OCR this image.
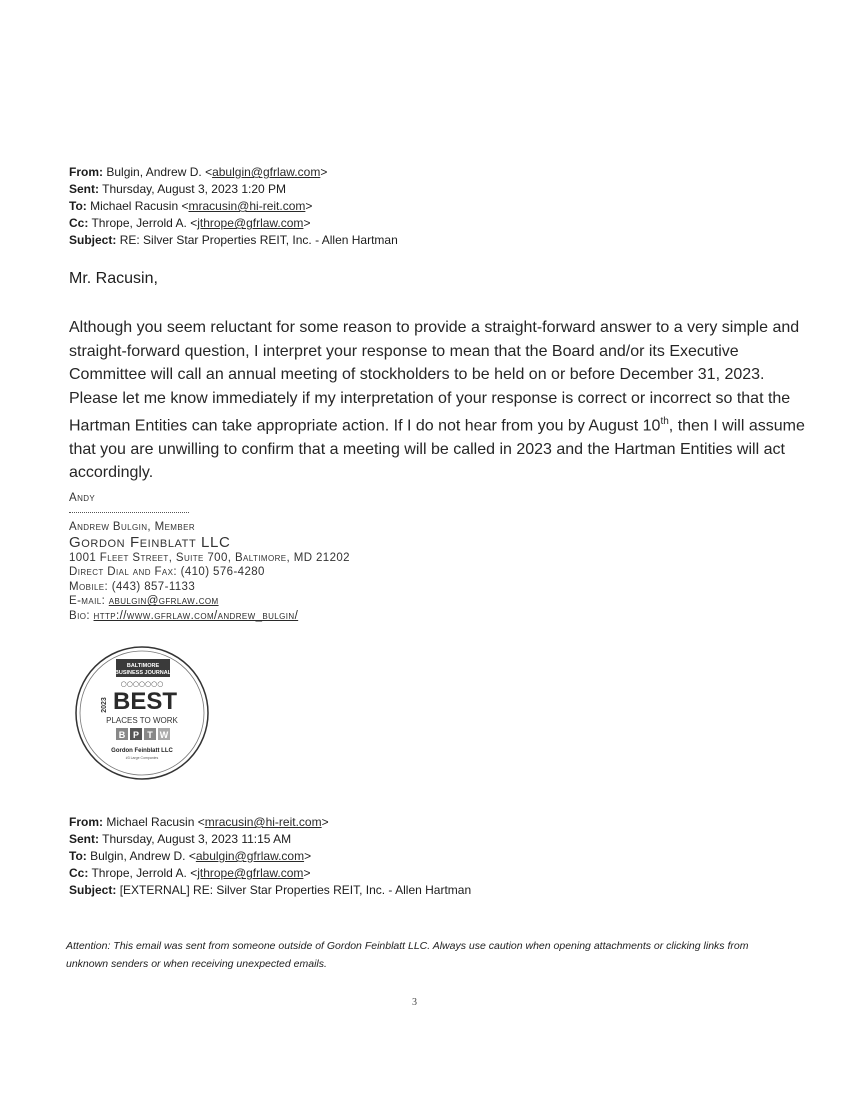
From: Bulgin, Andrew D. <abulgin@gfrlaw.com>

Sent: Thursday, August 3, 2023 1:20 PM

To: Michael Racusin <mracusin@hi-reit.com>

Cc: Thrope, Jerrold A. <jthrope@gfrlaw.com>

Subject: RE: Silver Star Properties REIT, Inc. - Allen Hartman

Mr. Racusin,
Although you seem reluctant for some reason to provide a straight-forward answer to a very simple and straight-forward question, I interpret your response to mean that the Board and/or its Executive Committee will call an annual meeting of stockholders to be held on or before December 31, 2023. Please let me know immediately if my interpretation of your response is correct or incorrect so that the Hartman Entities can take appropriate action. If I do not hear from you by August 10th, then I will assume that you are unwilling to confirm that a meeting will be called in 2023 and the Hartman Entities will act accordingly.
Andy

Andrew Bulgin, Member

Gordon Feinblatt LLC

1001 Fleet Street, Suite 700, Baltimore, MD 21202

Direct Dial and Fax: (410) 576-4280

Mobile: (443) 857-1133

E-mail: abulgin@gfrlaw.com

Bio: http://www.gfrlaw.com/andrew_bulgin/

BALTIMORE
BUSINESS JOURNAL
○○○○○○○
2023 BEST
PLACES TO WORK
B P T W
Gordon Feinblatt LLC
#3 Large Companies

From: Michael Racusin <mracusin@hi-reit.com>

Sent: Thursday, August 3, 2023 11:15 AM

To: Bulgin, Andrew D. <abulgin@gfrlaw.com>

Cc: Thrope, Jerrold A. <jthrope@gfrlaw.com>

Subject: [EXTERNAL] RE: Silver Star Properties REIT, Inc. - Allen Hartman

Attention: This email was sent from someone outside of Gordon Feinblatt LLC. Always use caution when opening attachments or clicking links from unknown senders or when receiving unexpected emails.
3
